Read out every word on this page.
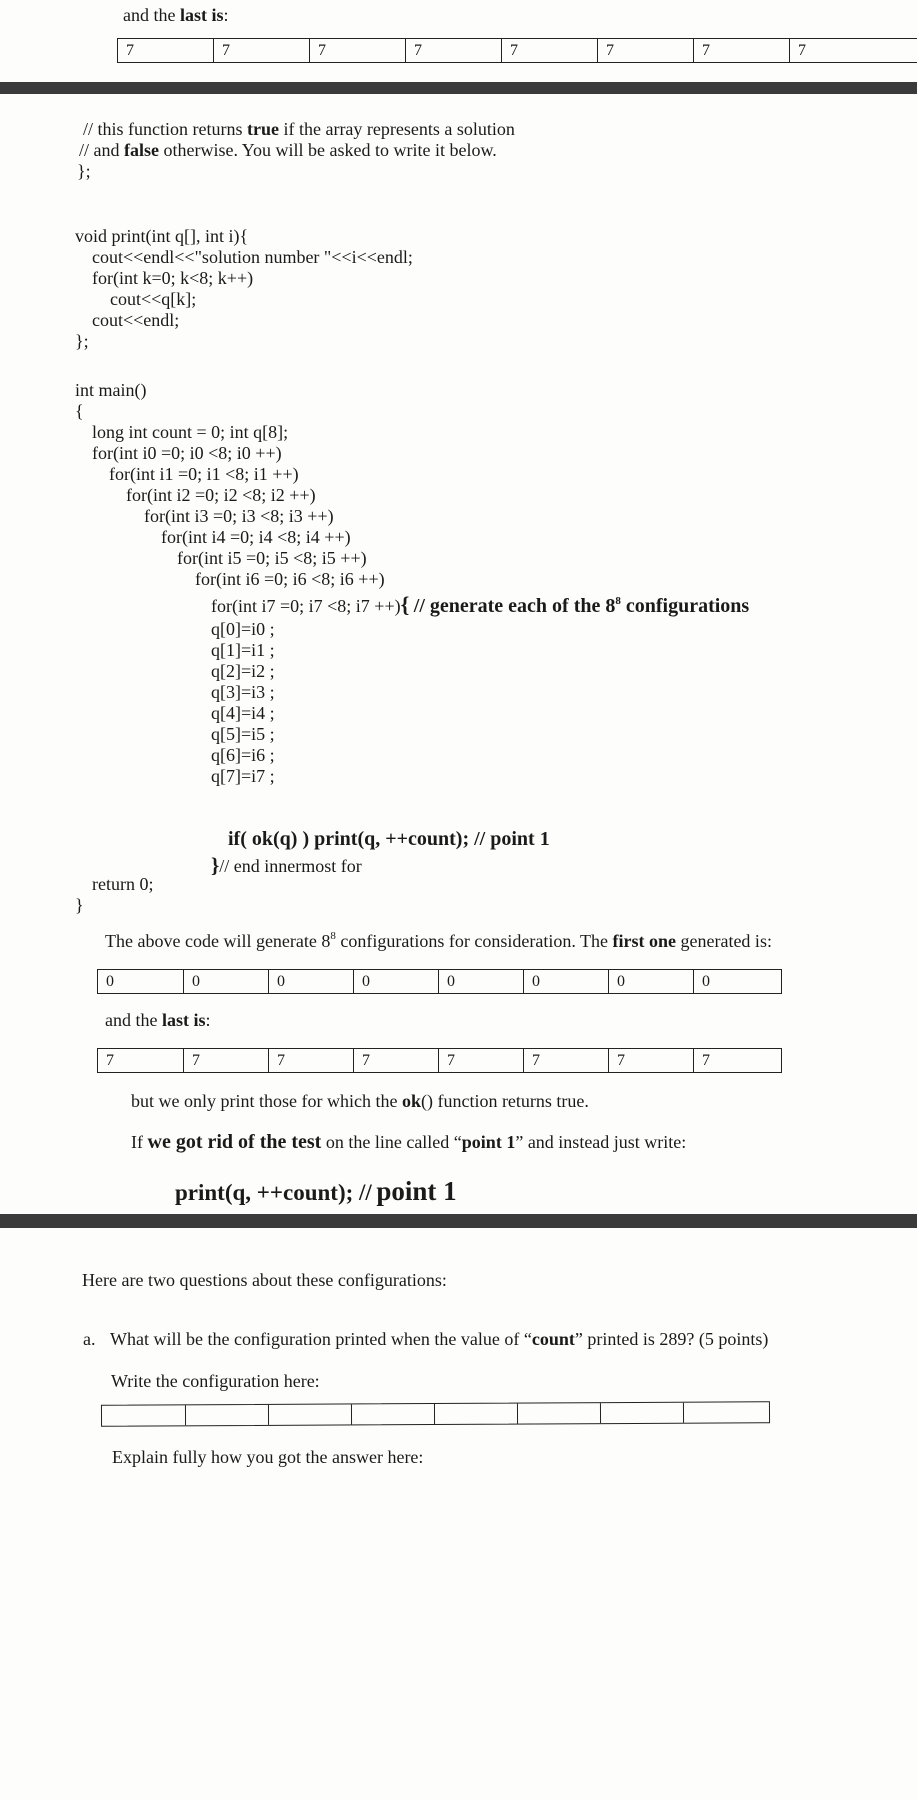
and the last is:
7	7	7	7	7	7	7	7
// this function returns true if the array represents a solution
// and false otherwise. You will be asked to write it below.
};
void print(int q[], int i){
cout<<endl<<"solution number "<<i<<endl;
for(int k=0; k<8; k++)
cout<<q[k];
cout<<endl;
};
int main()
{
long int count = 0; int q[8];
for(int i0 =0; i0 <8; i0 ++)
for(int i1 =0; i1 <8; i1 ++)
for(int i2 =0; i2 <8; i2 ++)
for(int i3 =0; i3 <8; i3 ++)
for(int i4 =0; i4 <8; i4 ++)
for(int i5 =0; i5 <8; i5 ++)
for(int i6 =0; i6 <8; i6 ++)
for(int i7 =0; i7 <8; i7 ++){ // generate each of the $8^8$ configurations
q[0]=i0 ;
q[1]=i1 ;
q[2]=i2 ;
q[3]=i3 ;
q[4]=i4 ;
q[5]=i5 ;
q[6]=i6 ;
q[7]=i7 ;
if( ok(q) ) print(q, ++count); // point 1
}// end innermost for
return 0;
}
The above code will generate $8^8$ configurations for consideration. The first one generated is:
0	0	0	0	0	0	0	0
and the last is:
7	7	7	7	7	7	7	7
but we only print those for which the ok() function returns true.
If we got rid of the test on the line called “point 1” and instead just write:
print(q, ++count); // point 1
Here are two questions about these configurations:
a. What will be the configuration printed when the value of “count” printed is 289? (5 points)
Write the configuration here:
Explain fully how you got the answer here:
